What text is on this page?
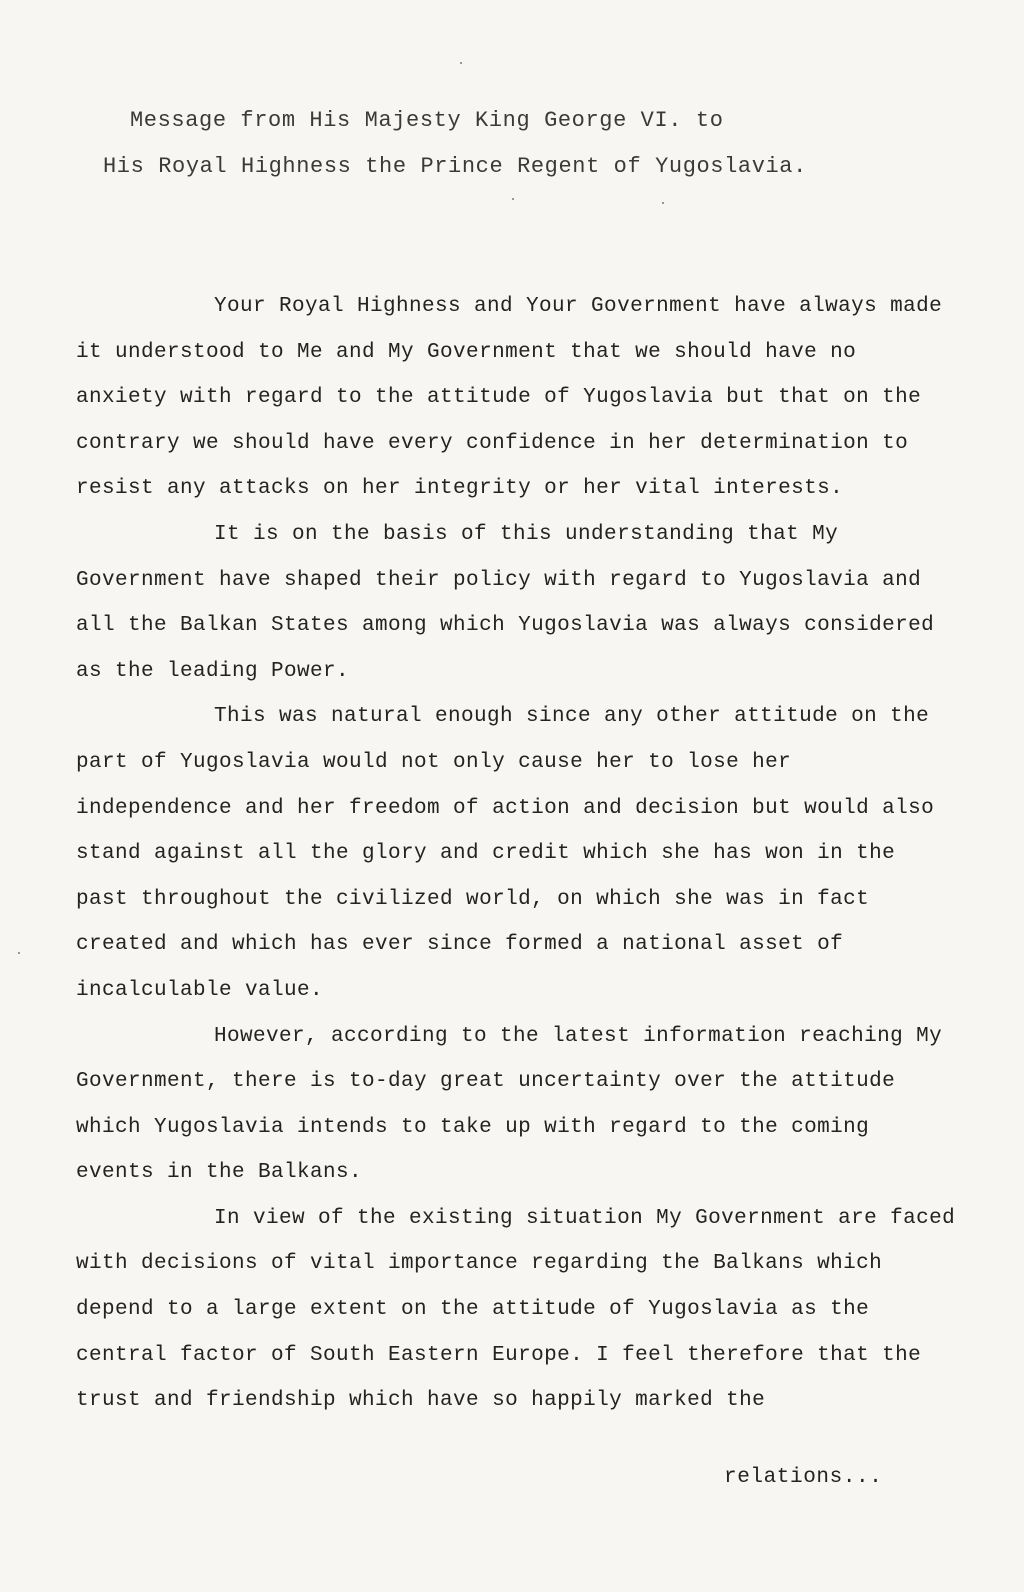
Message from His Majesty King George VI. to
His Royal Highness the Prince Regent of Yugoslavia.

Your Royal Highness and Your Government have always made it understood to Me and My Government that we should have no anxiety with regard to the attitude of Yugoslavia but that on the contrary we should have every confidence in her determination to resist any attacks on her integrity or her vital interests.

It is on the basis of this understanding that My Government have shaped their policy with regard to Yugoslavia and all the Balkan States among which Yugoslavia was always considered as the leading Power.

This was natural enough since any other attitude on the part of Yugoslavia would not only cause her to lose her independence and her freedom of action and decision but would also stand against all the glory and credit which she has won in the past throughout the civilized world, on which she was in fact created and which has ever since formed a national asset of incalculable value.

However, according to the latest information reaching My Government, there is to-day great uncertainty over the attitude which Yugoslavia intends to take up with regard to the coming events in the Balkans.

In view of the existing situation My Government are faced with decisions of vital importance regarding the Balkans which depend to a large extent on the attitude of Yugoslavia as the central factor of South Eastern Europe. I feel therefore that the trust and friendship which have so happily marked the

relations...
